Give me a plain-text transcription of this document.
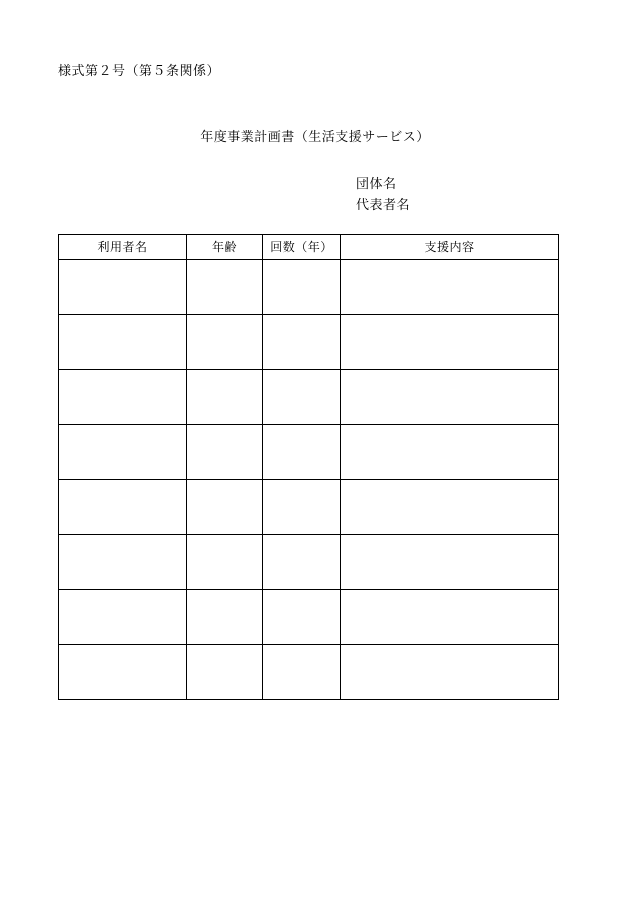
様式第２号（第５条関係）
年度事業計画書（生活支援サービス）
団体名
代表者名
利用者名	年齢	回数（年）	支援内容
